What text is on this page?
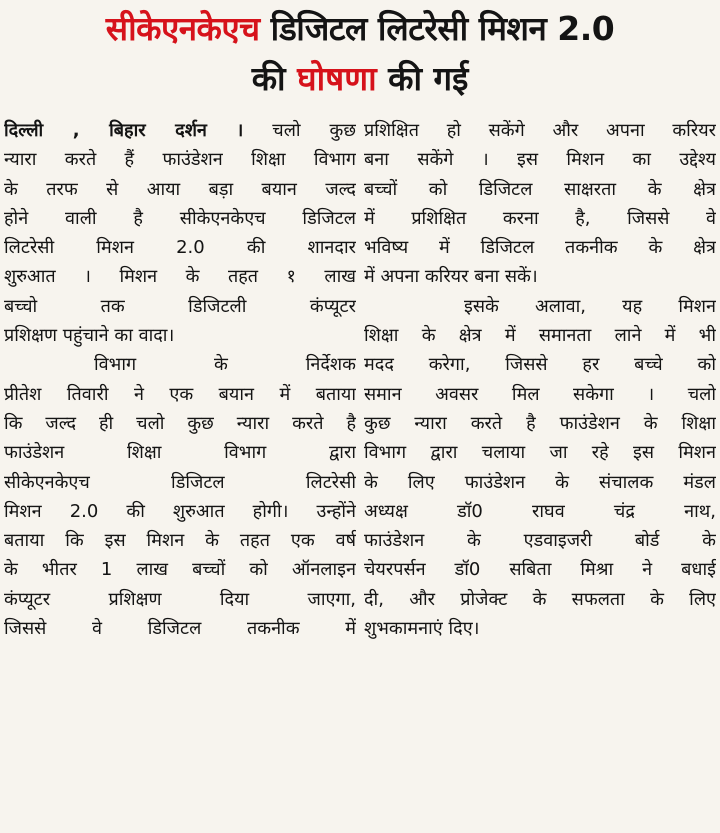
सीकेएनकेएच डिजिटल लिटरेसी मिशन 2.0
की घोषणा की गई
दिल्ली , बिहार दर्शन । चलो कुछ
न्यारा करते हैं फाउंडेशन शिक्षा विभाग
के तरफ से आया बड़ा बयान जल्द
होने वाली है सीकेएनकेएच डिजिटल
लिटरेसी मिशन 2.0 की शानदार
शुरुआत । मिशन के तहत १ लाख
बच्चो तक डिजिटली कंप्यूटर
प्रशिक्षण पहुंचाने का वादा।
विभाग के निर्देशक
प्रीतेश तिवारी ने एक बयान में बताया
कि जल्द ही चलो कुछ न्यारा करते है
फाउंडेशन शिक्षा विभाग द्वारा
सीकेएनकेएच डिजिटल लिटरेसी
मिशन 2.0 की शुरुआत होगी। उन्होंने
बताया कि इस मिशन के तहत एक वर्ष
के भीतर 1 लाख बच्चों को ऑनलाइन
कंप्यूटर प्रशिक्षण दिया जाएगा,
जिससे वे डिजिटल तकनीक में
प्रशिक्षित हो सकेंगे और अपना करियर
बना सकेंगे । इस मिशन का उद्देश्य
बच्चों को डिजिटल साक्षरता के क्षेत्र
में प्रशिक्षित करना है, जिससे वे
भविष्य में डिजिटल तकनीक के क्षेत्र
में अपना करियर बना सकें।
इसके अलावा, यह मिशन
शिक्षा के क्षेत्र में समानता लाने में भी
मदद करेगा, जिससे हर बच्चे को
समान अवसर मिल सकेगा । चलो
कुछ न्यारा करते है फाउंडेशन के शिक्षा
विभाग द्वारा चलाया जा रहे इस मिशन
के लिए फाउंडेशन के संचालक मंडल
अध्यक्ष डॉ0 राघव चंद्र नाथ,
फाउंडेशन के एडवाइजरी बोर्ड के
चेयरपर्सन डॉ0 सबिता मिश्रा ने बधाई
दी, और प्रोजेक्ट के सफलता के लिए
शुभकामनाएं दिए।
